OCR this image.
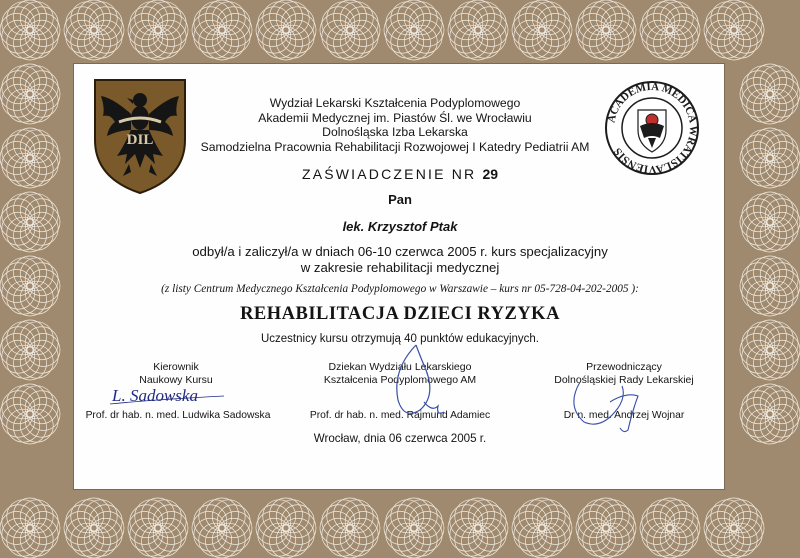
DIL
ACADEMIA MEDICA WRATISLAVIENSIS
Wydział Lekarski Kształcenia Podyplomowego
Akademii Medycznej im. Piastów Śl. we Wrocławiu
Dolnośląska Izba Lekarska
Samodzielna Pracownia Rehabilitacji Rozwojowej I Katedry Pediatrii AM
ZAŚWIADCZENIE NR 29
Pan
lek. Krzysztof Ptak
odbył/a i zaliczył/a w dniach 06-10 czerwca 2005 r. kurs specjalizacyjny
w zakresie rehabilitacji medycznej
(z listy Centrum Medycznego Kształcenia Podyplomowego w Warszawie – kurs nr 05-728-04-202-2005 ):
REHABILITACJA DZIECI RYZYKA
Uczestnicy kursu otrzymują 40 punktów edukacyjnych.
Kierownik
Naukowy Kursu
Prof. dr hab. n. med. Ludwika Sadowska
Dziekan Wydziału Lekarskiego
Kształcenia Podyplomowego AM
Prof. dr hab. n. med. Rajmund Adamiec
Przewodniczący
Dolnośląskiej Rady Lekarskiej
Dr n. med. Andrzej Wojnar
L. Sadowska
Wrocław, dnia 06 czerwca 2005 r.
